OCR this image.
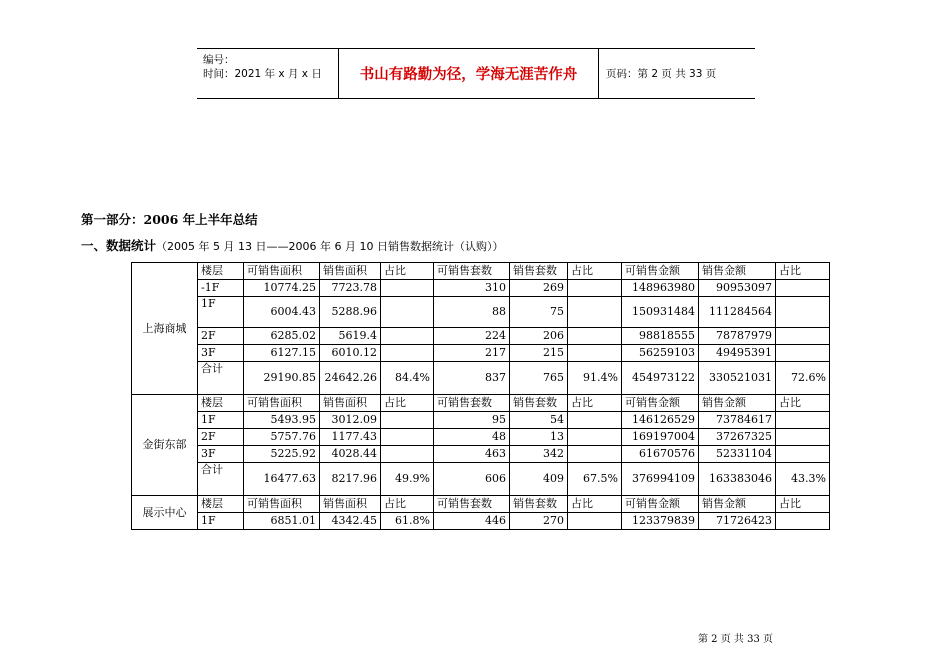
编号：
时间：2021 年 x 月 x 日	书山有路勤为径，学海无涯苦作舟	页码：第 2 页 共 33 页
第一部分：2006 年上半年总结
一、数据统计（2005 年 5 月 13 日——2006 年 6 月 10 日销售数据统计（认购））
上海商城	楼层	可销售面积	销售面积	占比	可销售套数	销售套数	占比	可销售金额	销售金额	占比
	-1F	10774.25	7723.78		310	269		148963980	90953097	
	1F	6004.43	5288.96		88	75		150931484	111284564	
	2F	6285.02	5619.4		224	206		98818555	78787979	
	3F	6127.15	6010.12		217	215		56259103	49495391	
	合计	29190.85	24642.26	84.4%	837	765	91.4%	454973122	330521031	72.6%
金街东部	楼层	可销售面积	销售面积	占比	可销售套数	销售套数	占比	可销售金额	销售金额	占比
	1F	5493.95	3012.09		95	54		146126529	73784617	
	2F	5757.76	1177.43		48	13		169197004	37267325	
	3F	5225.92	4028.44		463	342		61670576	52331104	
	合计	16477.63	8217.96	49.9%	606	409	67.5%	376994109	163383046	43.3%
展示中心	楼层	可销售面积	销售面积	占比	可销售套数	销售套数	占比	可销售金额	销售金额	占比
	1F	6851.01	4342.45	61.8%	446	270		123379839	71726423	
第 2 页 共 33 页
